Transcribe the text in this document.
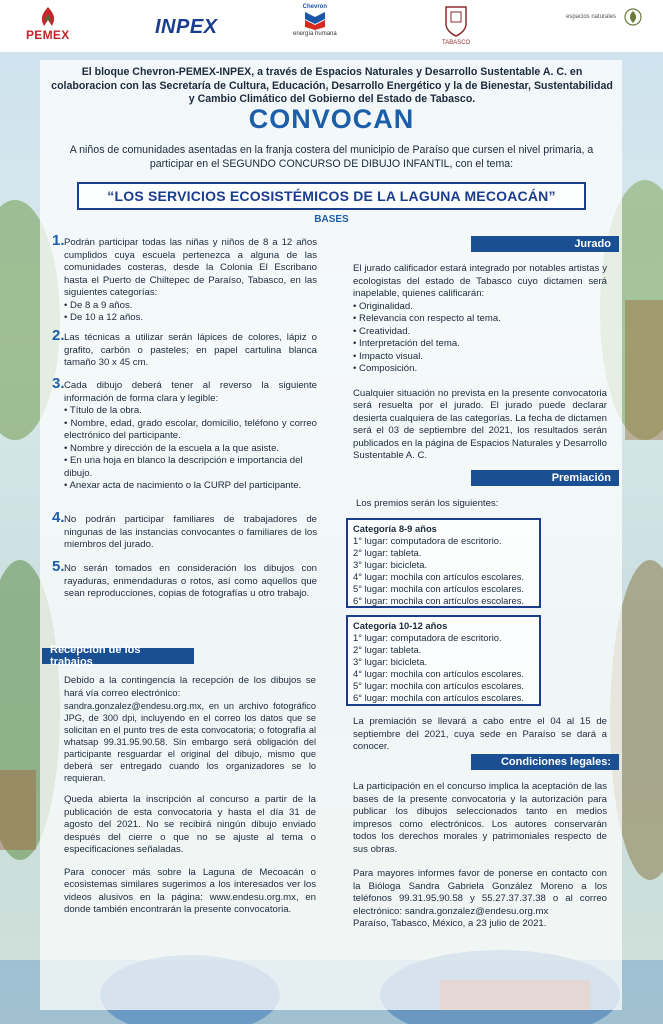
PEMEX	INPEX
Chevron
energía humana
TABASCO
espacios naturales
El bloque Chevron-PEMEX-INPEX, a través de Espacios Naturales y Desarrollo Sustentable A. C. en colaboracion con las Secretaría de Cultura, Educación, Desarrollo Energético y la de Bienestar, Sustentabilidad y Cambio Climático del Gobierno del Estado de Tabasco.
CONVOCAN
A niños de comunidades asentadas en la franja costera del municipio de Paraíso que cursen el nivel primaria, a participar en el SEGUNDO CONCURSO DE DIBUJO INFANTIL, con el tema:
“LOS SERVICIOS ECOSISTÉMICOS DE LA LAGUNA MECOACÁN”
BASES
1. Podrán participar todas las niñas y niños de 8 a 12 años cumplidos cuya escuela pertenezca a alguna de las comunidades costeras, desde la Colonia El Escribano hasta el Puerto de Chiltepec de Paraíso, Tabasco, en las siguientes categorías:
• De 8 a 9 años.
• De 10 a 12 años.
2. Las técnicas a utilizar serán lápices de colores, lápiz o grafito, carbón o pasteles; en papel cartulina blanca tamaño 30 x 45 cm.
3. Cada dibujo deberá tener al reverso la siguiente información de forma clara y legible:
• Título de la obra.
• Nombre, edad, grado escolar, domicilio, teléfono y correo electrónico del participante.
• Nombre y dirección de la escuela a la que asiste.
• En una hoja en blanco la descripción e importancia del dibujo.
• Anexar acta de nacimiento o la CURP del participante.
4. No podrán participar familiares de trabajadores de ningunas de las instancias convocantes o familiares de los miembros del jurado.
5. No serán tomados en consideración los dibujos con rayaduras, enmendaduras o rotos, así como aquellos que sean reproducciones, copias de fotografías u otro trabajo.
Recepción de los trabajos
Debido a la contingencia la recepción de los dibujos se hará vía correo electrónico:
sandra.gonzalez@endesu.org.mx, en un archivo fotográfico JPG, de 300 dpi, incluyendo en el correo los datos que se solicitan en el punto tres de esta convocatoria; o fotografía al whatsap 99.31.95.90.58. Sin embargo será obligación del participante resguardar el original del dibujo, mismo que deberá ser entregado cuando los organizadores se lo requieran.
Queda abierta la inscripción al concurso a partir de la publicación de esta convocatoria y hasta el día 31 de agosto del 2021. No se recibirá ningún dibujo enviado después del cierre o que no se ajuste al tema o especificaciones señaladas.
Para conocer más sobre la Laguna de Mecoacán o ecosistemas similares sugerimos a los interesados ver los videos alusivos en la página: www.endesu.org.mx, en donde también encontrarán la presente convocatoria.
Jurado
El jurado calificador estará integrado por notables artistas y ecologistas del estado de Tabasco cuyo dictamen será inapelable, quienes calificarán:
• Originalidad.
• Relevancia con respecto al tema.
• Creatividad.
• Interpretación del tema.
• Impacto visual.
• Composición.
Cualquier situación no prevista en la presente convocatoria será resuelta por el jurado. El jurado puede declarar desierta cualquiera de las categorías. La fecha de dictamen será el 03 de septiembre del 2021, los resultados serán publicados en la página de Espacios Naturales y Desarrollo Sustentable A. C.
Premiación
Los premios serán los siguientes:
Categoría 8-9 años
1° lugar: computadora de escritorio.
2° lugar: tableta.
3° lugar: bicicleta.
4° lugar: mochila con artículos escolares.
5° lugar: mochila con artículos escolares.
6° lugar: mochila con artículos escolares.
Categoría 10-12 años
1° lugar: computadora de escritorio.
2° lugar: tableta.
3° lugar: bicicleta.
4° lugar: mochila con artículos escolares.
5° lugar: mochila con artículos escolares.
6° lugar: mochila con artículos escolares.
La premiación se llevará a cabo entre el 04 al 15 de septiembre del 2021, cuya sede en Paraíso se dará a conocer.
Condiciones legales:
La participación en el concurso implica la aceptación de las bases de la presente convocatoria y la autorización para publicar los dibujos seleccionados tanto en medios impresos como electrónicos. Los autores conservarán todos los derechos morales y patrimoniales respecto de sus obras.
Para mayores informes favor de ponerse en contacto con la Bióloga Sandra Gabriela González Moreno a los teléfonos 99.31.95.90.58 y 55.27.37.37.38 o al correo electrónico: sandra.gonzalez@endesu.org.mx
Paraíso, Tabasco, México, a 23 julio de 2021.
